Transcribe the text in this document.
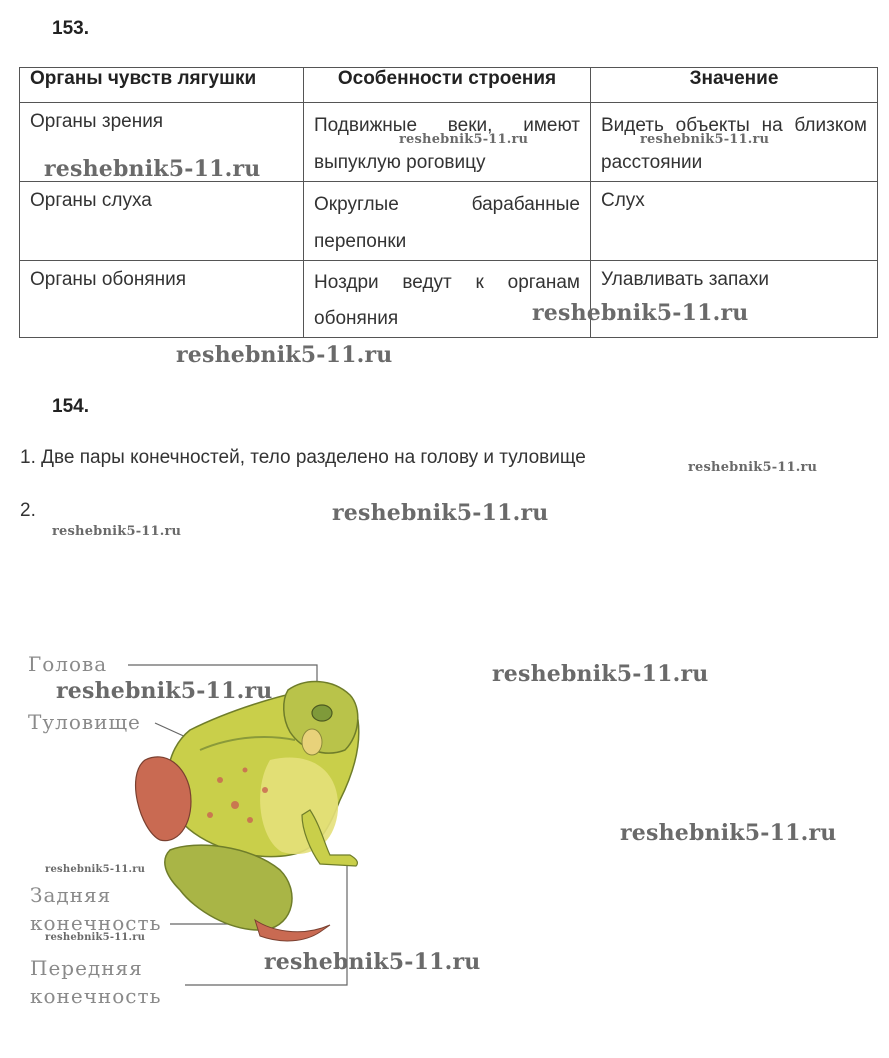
153.
Органы чувств лягушки	Особенности строения	Значение
Органы зрения	Подвижные веки, имеют выпуклую роговицу	Видеть объекты на близком расстоянии
Органы слуха	Округлые барабанные перепонки	Слух
Органы обоняния	Ноздри ведут к органам обоняния	Улавливать запахи
154.
1. Две пары конечностей, тело разделено на голову и туловище
2.
Голова
Туловище
Задняя
конечность
Передняя
конечность
reshebnik5-11.ru
reshebnik5-11.ru	reshebnik5-11.ru
reshebnik5-11.ru
reshebnik5-11.ru
reshebnik5-11.ru
reshebnik5-11.ru
reshebnik5-11.ru
reshebnik5-11.ru
reshebnik5-11.ru
reshebnik5-11.ru
reshebnik5-11.ru
reshebnik5-11.ru
reshebnik5-11.ru
